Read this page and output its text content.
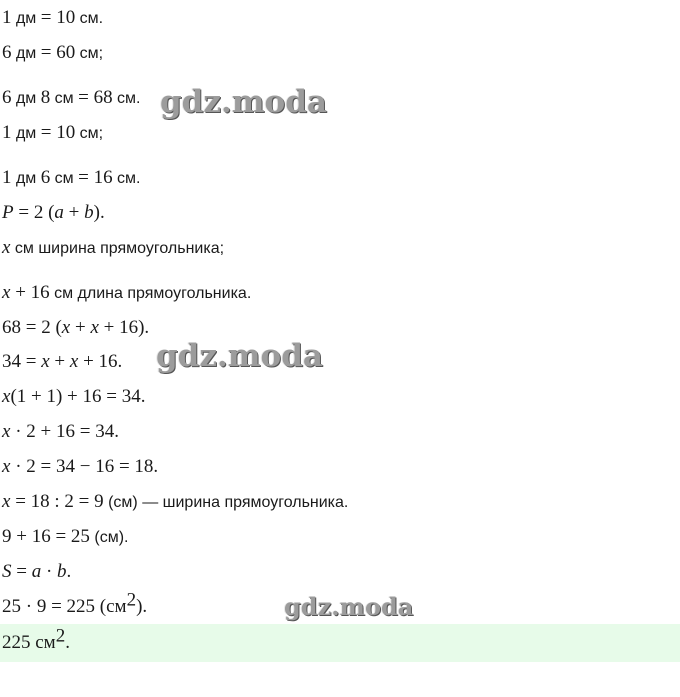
1 дм = 10 см.
6 дм = 60 см;
6 дм 8 см = 68 см.
1 дм = 10 см;
1 дм 6 см = 16 см.
P = 2 (a + b).
x см ширина прямоугольника;
x + 16 см длина прямоугольника.
68 = 2 (x + x + 16).
34 = x + x + 16.
x(1 + 1) + 16 = 34.
x · 2 + 16 = 34.
x · 2 = 34 − 16 = 18.
x = 18 : 2 = 9 (см) — ширина прямоугольника.
9 + 16 = 25 (см).
S = a · b.
25 · 9 = 225 $(см^2)$.
225 $см^2$.
gdz.moda
gdz.moda
gdz.moda
